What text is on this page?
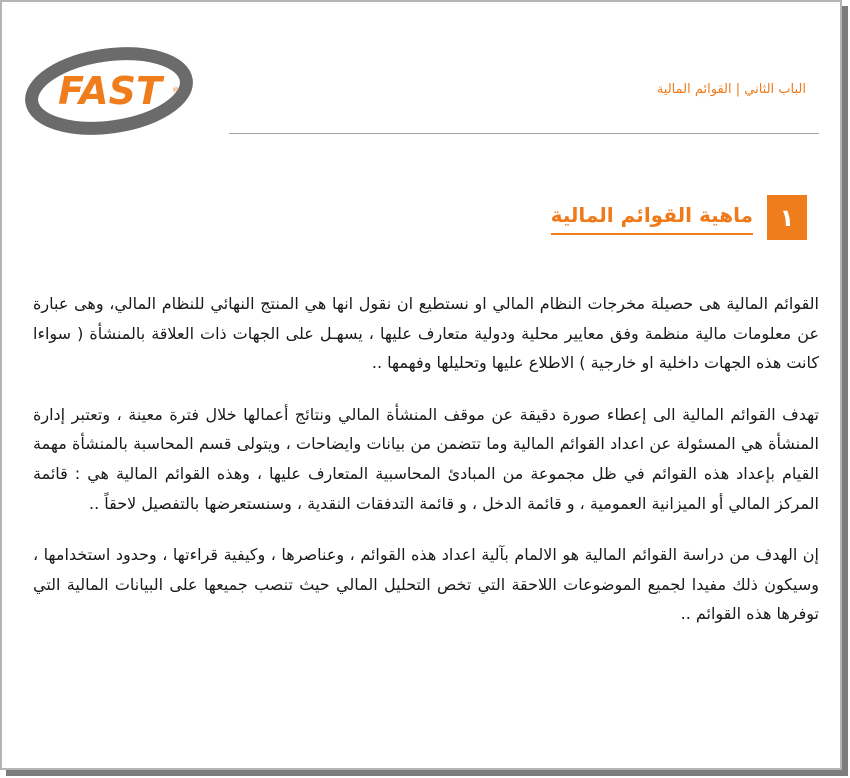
FAST	®	الباب الثاني | القوائم المالية
١
ماهية القوائم المالية

القوائم المالية هى حصيلة مخرجات النظام المالي او نستطيع ان نقول انها هي المنتج النهائي للنظام المالي، وهى عبارة عن معلومات مالية منظمة وفق معايير محلية ودولية متعارف عليها ، يسهـل على الجهات ذات العلاقة بالمنشأة ( سواءا كانت هذه الجهات داخلية او خارجية ) الاطلاع عليها وتحليلها وفهمها ..

تهدف القوائم المالية الى إعطاء صورة دقيقة عن موقف المنشأة المالي ونتائج أعمالها خلال فترة معينة ، وتعتبر إدارة المنشأة هي المسئولة عن اعداد القوائم المالية وما تتضمن من بيانات وايضاحات ، ويتولى قسم المحاسبة بالمنشأة مهمة القيام بإعداد هذه القوائم في ظل مجموعة من المبادئ المحاسبية المتعارف عليها ، وهذه القوائم المالية هي : قائمة المركز المالي أو الميزانية العمومية ، و قائمة الدخل ، و قائمة التدفقات النقدية ، وسنستعرضها بالتفصيل لاحقاً ..

إن الهدف من دراسة القوائم المالية هو الالمام بآلية اعداد هذه القوائم ، وعناصرها ، وكيفية قراءتها ، وحدود استخدامها ، وسيكون ذلك مفيدا لجميع الموضوعات اللاحقة التي تخص التحليل المالي حيث تنصب جميعها على البيانات المالية التي توفرها هذه القوائم ..
